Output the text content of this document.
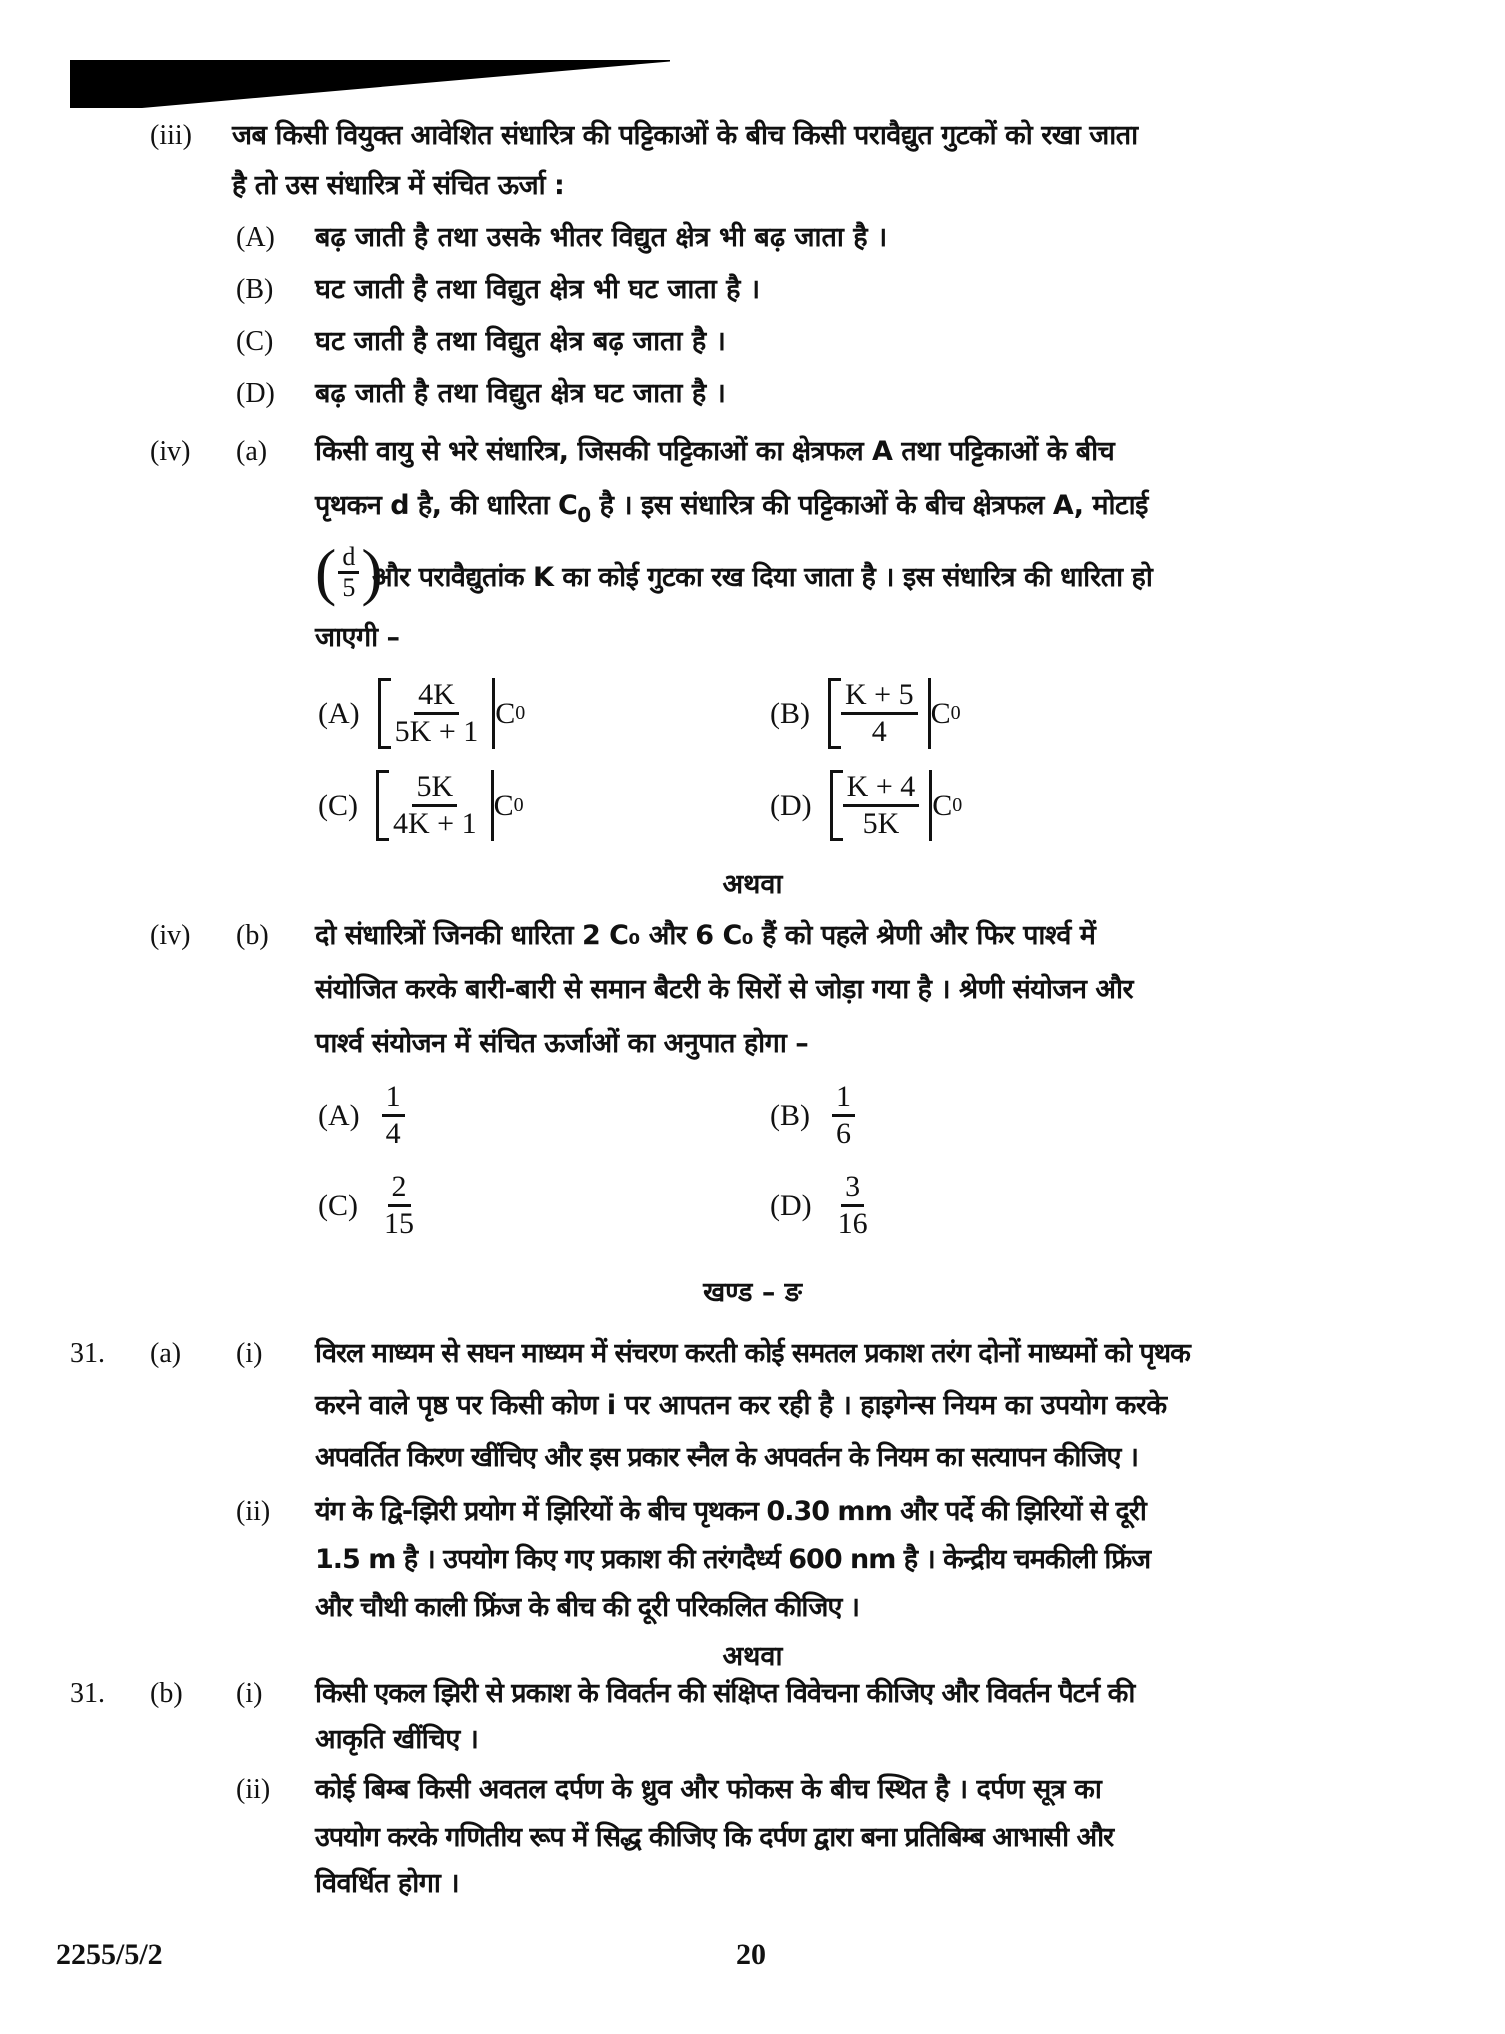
(iii) जब किसी वियुक्त आवेशित संधारित्र की पट्टिकाओं के बीच किसी परावैद्युत गुटकों को रखा जाता
है तो उस संधारित्र में संचित ऊर्जा :
(A) बढ़ जाती है तथा उसके भीतर विद्युत क्षेत्र भी बढ़ जाता है ।
(B) घट जाती है तथा विद्युत क्षेत्र भी घट जाता है ।
(C) घट जाती है तथा विद्युत क्षेत्र बढ़ जाता है ।
(D) बढ़ जाती है तथा विद्युत क्षेत्र घट जाता है ।
(iv) (a) किसी वायु से भरे संधारित्र, जिसकी पट्टिकाओं का क्षेत्रफल A तथा पट्टिकाओं के बीच
पृथकन d है, की धारिता $C_0$ है । इस संधारित्र की पट्टिकाओं के बीच क्षेत्रफल A, मोटाई
( $\frac{d}{5}$ )
और परावैद्युतांक K का कोई गुटका रख दिया जाता है । इस संधारित्र की धारिता हो
जाएगी –
$(A) \frac{4K}{5K + 1}$ C 0	$(B) \frac{K + 5}{4}$ C 0
$(C) \frac{5K}{4K + 1}$ C 0	$(D) \frac{K + 4}{5K}$ C 0
अथवा
(iv) (b) दो संधारित्रों जिनकी धारिता 2 C₀ और 6 C₀ हैं को पहले श्रेणी और फिर पार्श्व में
संयोजित करके बारी-बारी से समान बैटरी के सिरों से जोड़ा गया है । श्रेणी संयोजन और
पार्श्व संयोजन में संचित ऊर्जाओं का अनुपात होगा –
$(A) \frac{1}{4}$	$(B) \frac{1}{6}$
$(C) \frac{2}{15}$	$(D) \frac{3}{16}$
खण्ड – ङ
31. (a) (i) विरल माध्यम से सघन माध्यम में संचरण करती कोई समतल प्रकाश तरंग दोनों माध्यमों को पृथक
करने वाले पृष्ठ पर किसी कोण i पर आपतन कर रही है । हाइगेन्स नियम का उपयोग करके
अपवर्तित किरण खींचिए और इस प्रकार स्नैल के अपवर्तन के नियम का सत्यापन कीजिए ।
(ii) यंग के द्वि-झिरी प्रयोग में झिरियों के बीच पृथकन 0.30 mm और पर्दे की झिरियों से दूरी
1.5 m है । उपयोग किए गए प्रकाश की तरंगदैर्ध्य 600 nm है । केन्द्रीय चमकीली फ्रिंज
और चौथी काली फ्रिंज के बीच की दूरी परिकलित कीजिए ।
अथवा
31. (b) (i) किसी एकल झिरी से प्रकाश के विवर्तन की संक्षिप्त विवेचना कीजिए और विवर्तन पैटर्न की
आकृति खींचिए ।
(ii) कोई बिम्ब किसी अवतल दर्पण के ध्रुव और फोकस के बीच स्थित है । दर्पण सूत्र का
उपयोग करके गणितीय रूप में सिद्ध कीजिए कि दर्पण द्वारा बना प्रतिबिम्ब आभासी और
विवर्धित होगा ।
2255/5/2	20
